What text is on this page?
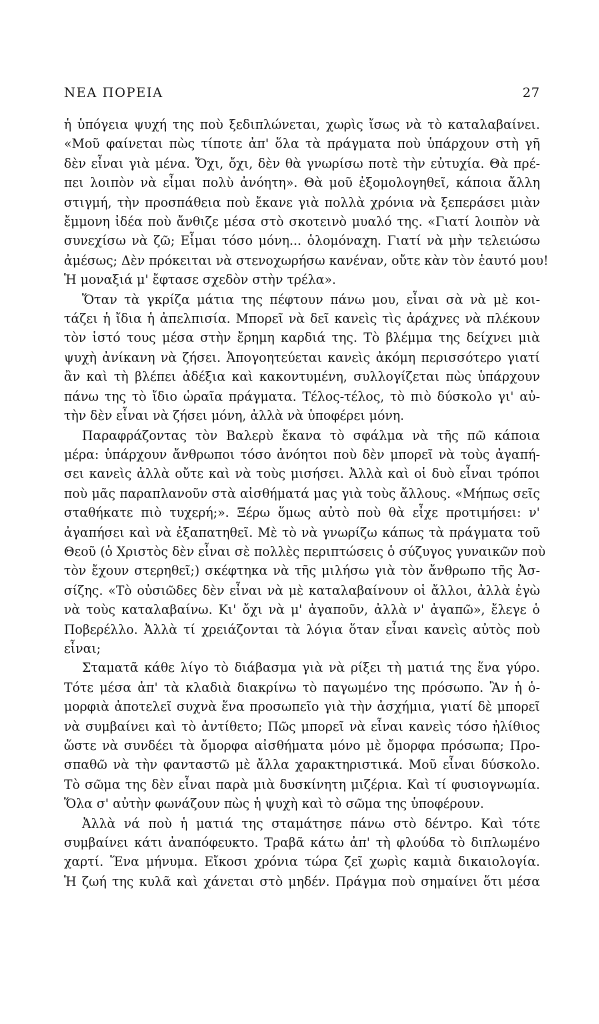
ΝΕΑ ΠΟΡΕΙΑ	27
ἡ ὑπόγεια ψυχή της ποὺ ξεδιπλώνεται, χωρὶς ἴσως νὰ τὸ καταλαβαίνει.
«Μοῦ φαίνεται πὼς τίποτε ἀπ' ὅλα τὰ πράγματα ποὺ ὑπάρχουν στὴ γῆ
δὲν εἶναι γιὰ μένα. Ὄχι, ὄχι, δὲν θὰ γνωρίσω ποτὲ τὴν εὐτυχία. Θὰ πρέ-
πει λοιπὸν νὰ εἶμαι πολὺ ἀνόητη». Θὰ μοῦ ἐξομολογηθεῖ, κάποια ἄλλη
στιγμή, τὴν προσπάθεια ποὺ ἔκανε γιὰ πολλὰ χρόνια νὰ ξεπεράσει μιὰν
ἔμμονη ἰδέα ποὺ ἄνθιζε μέσα στὸ σκοτεινὸ μυαλό της. «Γιατί λοιπὸν νὰ
συνεχίσω νὰ ζῶ; Εἶμαι τόσο μόνη... ὁλομόναχη. Γιατί νὰ μὴν τελειώσω
ἀμέσως; Δὲν πρόκειται νὰ στενοχωρήσω κανέναν, οὔτε κὰν τὸν ἑαυτό μου!
Ἡ μοναξιά μ' ἔφτασε σχεδὸν στὴν τρέλα».
Ὅταν τὰ γκρίζα μάτια της πέφτουν πάνω μου, εἶναι σὰ νὰ μὲ κοι-
τάζει ἡ ἴδια ἡ ἀπελπισία. Μπορεῖ νὰ δεῖ κανεὶς τὶς ἀράχνες νὰ πλέκουν
τὸν ἱστό τους μέσα στὴν ἔρημη καρδιά της. Τὸ βλέμμα της δείχνει μιὰ
ψυχὴ ἀνίκανη νὰ ζήσει. Ἀπογοητεύεται κανεὶς ἀκόμη περισσότερο γιατί
ἂν καὶ τὴ βλέπει ἀδέξια καὶ κακοντυμένη, συλλογίζεται πὼς ὑπάρχουν
πάνω της τὸ ἴδιο ὡραῖα πράγματα. Τέλος-τέλος, τὸ πιὸ δύσκολο γι' αὐ-
τὴν δὲν εἶναι νὰ ζήσει μόνη, ἀλλὰ νὰ ὑποφέρει μόνη.
Παραφράζοντας τὸν Βαλερὺ ἔκανα τὸ σφάλμα νὰ τῆς πῶ κάποια
μέρα: ὑπάρχουν ἄνθρωποι τόσο ἀνόητοι ποὺ δὲν μπορεῖ νὰ τοὺς ἀγαπή-
σει κανεὶς ἀλλὰ οὔτε καὶ νὰ τοὺς μισήσει. Ἀλλὰ καὶ οἱ δυὸ εἶναι τρόποι
ποὺ μᾶς παραπλανοῦν στὰ αἰσθήματά μας γιὰ τοὺς ἄλλους. «Μήπως σεῖς
σταθήκατε πιὸ τυχερή;». Ξέρω ὅμως αὐτὸ ποὺ θὰ εἶχε προτιμήσει: ν'
ἀγαπήσει καὶ νὰ ἐξαπατηθεῖ. Μὲ τὸ νὰ γνωρίζω κάπως τὰ πράγματα τοῦ
Θεοῦ (ὁ Χριστὸς δὲν εἶναι σὲ πολλὲς περιπτώσεις ὁ σύζυγος γυναικῶν ποὺ
τὸν ἔχουν στερηθεῖ;) σκέφτηκα νὰ τῆς μιλήσω γιὰ τὸν ἄνθρωπο τῆς Ἀσ-
σίζης. «Τὸ οὐσιῶδες δὲν εἶναι νὰ μὲ καταλαβαίνουν οἱ ἄλλοι, ἀλλὰ ἐγὼ
νὰ τοὺς καταλαβαίνω. Κι' ὄχι νὰ μ' ἀγαποῦν, ἀλλὰ ν' ἀγαπῶ», ἔλεγε ὁ
Ποβερέλλο. Ἀλλὰ τί χρειάζονται τὰ λόγια ὅταν εἶναι κανεὶς αὐτὸς ποὺ
εἶναι;
Σταματᾶ κάθε λίγο τὸ διάβασμα γιὰ νὰ ρίξει τὴ ματιά της ἕνα γύρο.
Τότε μέσα ἀπ' τὰ κλαδιὰ διακρίνω τὸ παγωμένο της πρόσωπο. Ἂν ἡ ὁ-
μορφιὰ ἀποτελεῖ συχνὰ ἕνα προσωπεῖο γιὰ τὴν ἀσχήμια, γιατί δὲ μπορεῖ
νὰ συμβαίνει καὶ τὸ ἀντίθετο; Πῶς μπορεῖ νὰ εἶναι κανεὶς τόσο ἠλίθιος
ὥστε νὰ συνδέει τὰ ὄμορφα αἰσθήματα μόνο μὲ ὄμορφα πρόσωπα; Προ-
σπαθῶ νὰ τὴν φανταστῶ μὲ ἄλλα χαρακτηριστικά. Μοῦ εἶναι δύσκολο.
Τὸ σῶμα της δὲν εἶναι παρὰ μιὰ δυσκίνητη μιζέρια. Καὶ τί φυσιογνωμία.
Ὅλα σ' αὐτὴν φωνάζουν πὼς ἡ ψυχὴ καὶ τὸ σῶμα της ὑποφέρουν.
Ἀλλὰ νά ποὺ ἡ ματιά της σταμάτησε πάνω στὸ δέντρο. Καὶ τότε
συμβαίνει κάτι ἀναπόφευκτο. Τραβᾶ κάτω ἀπ' τὴ φλούδα τὸ διπλωμένο
χαρτί. Ἕνα μήνυμα. Εἴκοσι χρόνια τώρα ζεῖ χωρὶς καμιὰ δικαιολογία.
Ἡ ζωή της κυλᾶ καὶ χάνεται στὸ μηδέν. Πράγμα ποὺ σημαίνει ὅτι μέσα
